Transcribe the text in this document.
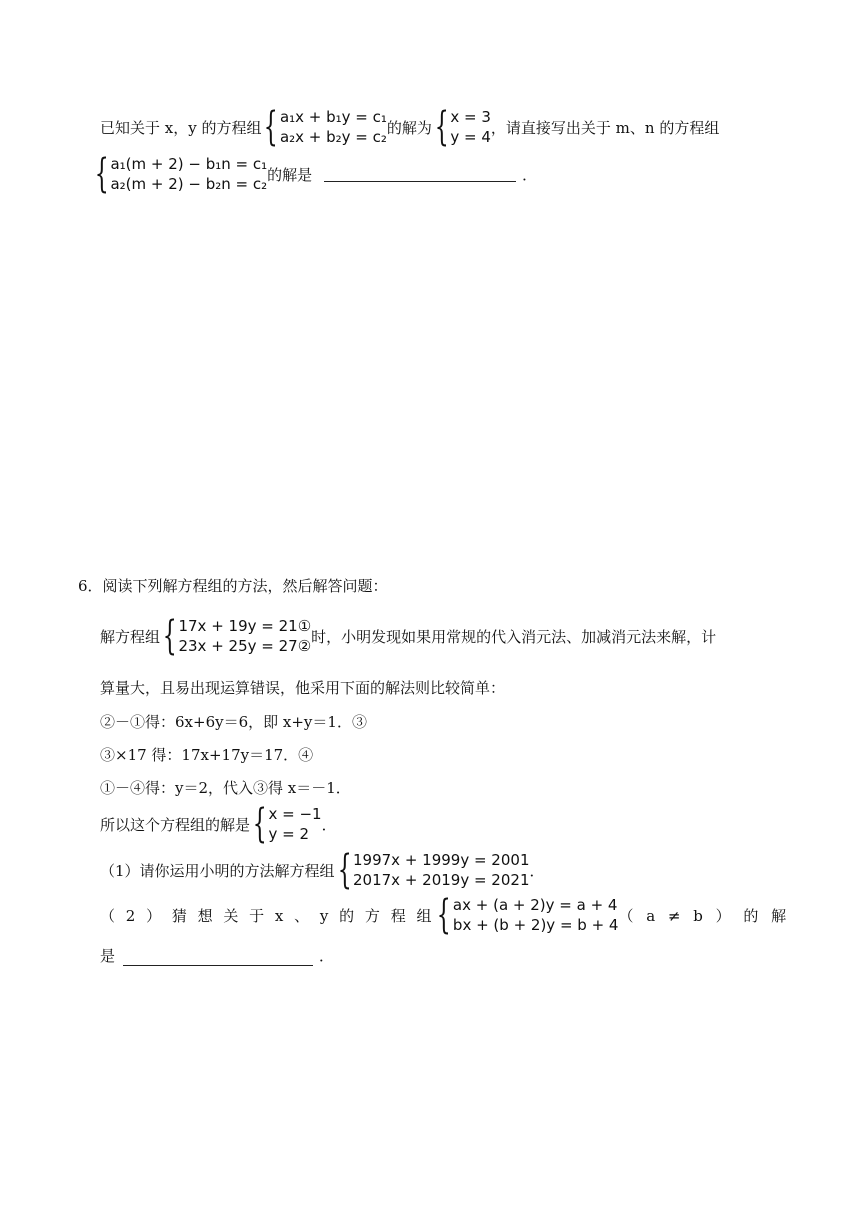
已知关于 x，y 的方程组 { a₁x + b₁y = c₁
a₂x + b₂y = c₂
的解为 { x = 3
y = 4
，请直接写出关于 m、n 的方程组
{ a₁(m + 2) − b₁n = c₁
a₂(m + 2) − b₂n = c₂
的解是	．
6．阅读下列解方程组的方法，然后解答问题：
解方程组 { 17x + 19y = 21①
23x + 25y = 27②
时，小明发现如果用常规的代入消元法、加减消元法来解，计
算量大，且易出现运算错误，他采用下面的解法则比较简单：
②－①得：6x+6y＝6，即 x+y＝1．③
③×17 得：17x+17y＝17．④
①－④得：y＝2，代入③得 x＝－1．
所以这个方程组的解是 { x = −1
y = 2
．
（1）请你运用小明的方法解方程组 { 1997x + 1999y = 2001
2017x + 2019y = 2021
．
（ 2 ） 猜 想 关 于 x 、 y 的 方 程 组 { ax + (a + 2)y = a + 4
bx + (b + 2)y = b + 4
（ a ≠ b ） 的 解
是	．
